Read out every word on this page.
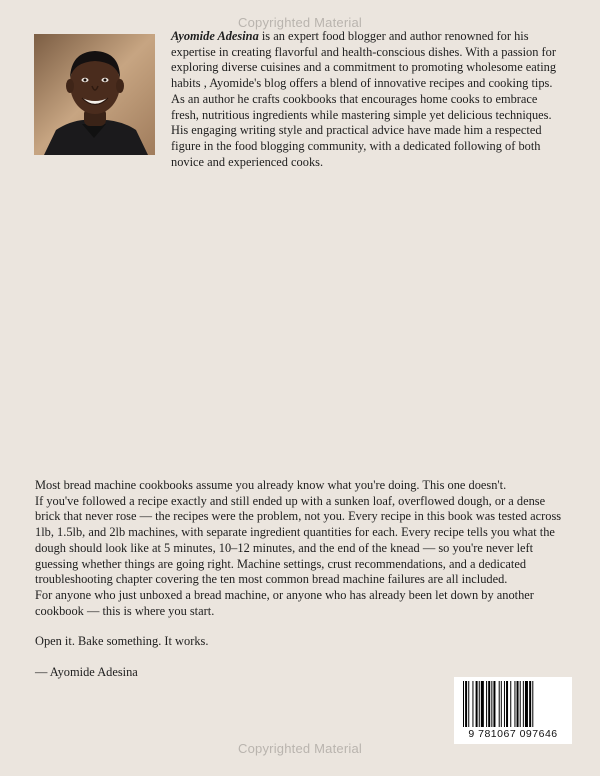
Copyrighted Material

Ayomide Adesina is an expert food blogger and author renowned for his expertise in creating flavorful and health-conscious dishes. With a passion for exploring diverse cuisines and a commitment to promoting wholesome eating habits , Ayomide's blog offers a blend of innovative recipes and cooking tips. As an author he crafts cookbooks that encourages home cooks to embrace fresh, nutritious ingredients while mastering simple yet delicious techniques. His engaging writing style and practical advice have made him a respected figure in the food blogging community, with a dedicated following of both novice and experienced cooks.

Most bread machine cookbooks assume you already know what you're doing. This one doesn't.

If you've followed a recipe exactly and still ended up with a sunken loaf, overflowed dough, or a dense brick that never rose — the recipes were the problem, not you. Every recipe in this book was tested across 1lb, 1.5lb, and 2lb machines, with separate ingredient quantities for each. Every recipe tells you what the dough should look like at 5 minutes, 10–12 minutes, and the end of the knead — so you're never left guessing whether things are going right. Machine settings, crust recommendations, and a dedicated troubleshooting chapter covering the ten most common bread machine failures are all included.

For anyone who just unboxed a bread machine, or anyone who has already been let down by another cookbook — this is where you start.

Open it. Bake something. It works.

— Ayomide Adesina

9 781067 097646
Copyrighted Material
